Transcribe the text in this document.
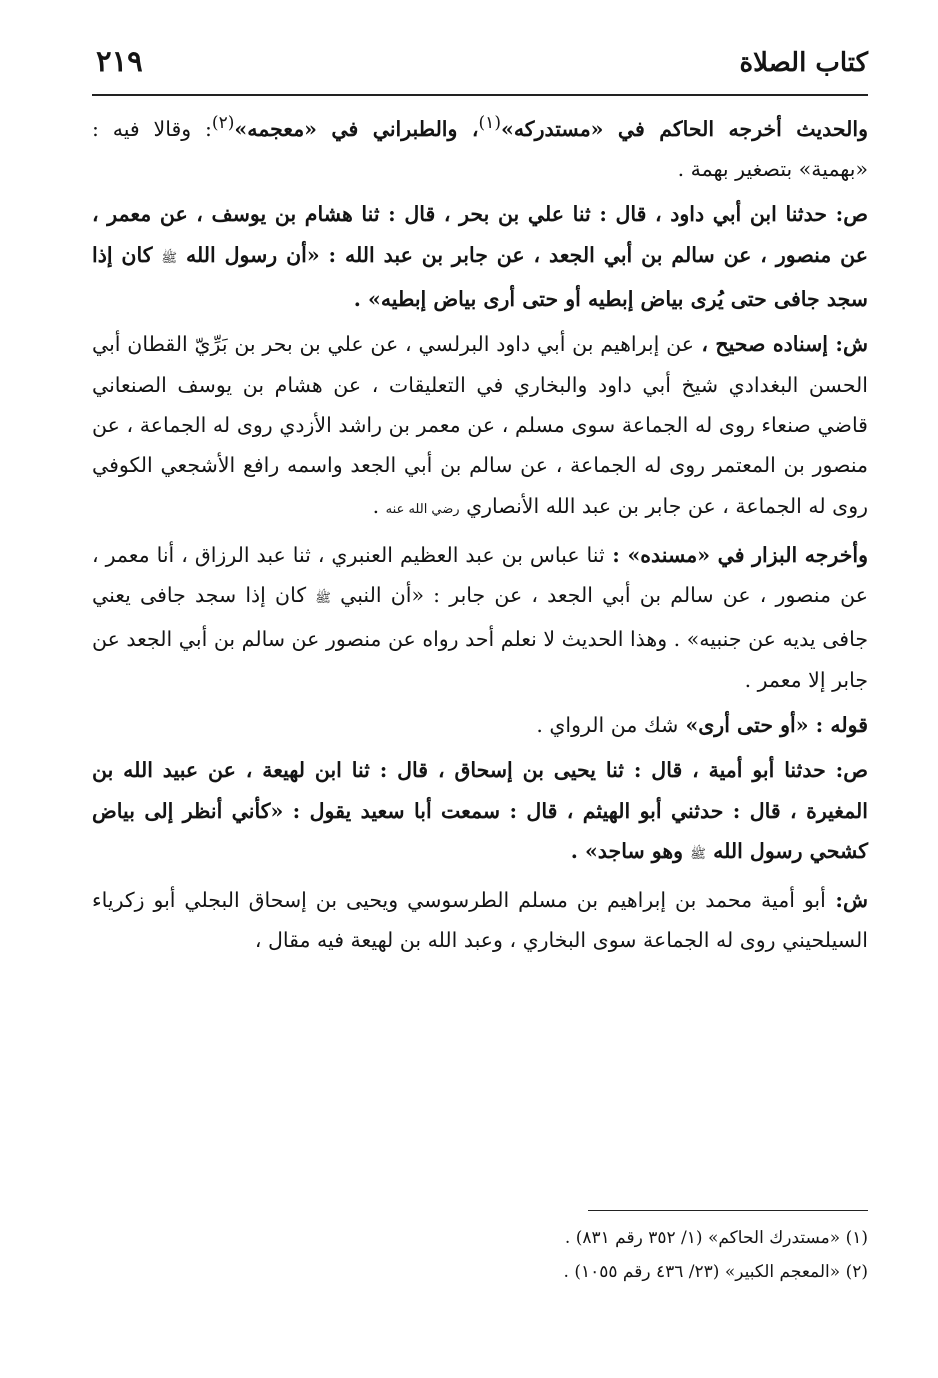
كتاب الصلاة
٢١٩

والحديث أخرجه الحاكم في «مستدركه»$^{(١)}$، والطبراني في «معجمه»$^{(٢)}$: وقالا فيه : «بهمية» بتصغير بهمة .

ص: حدثنا ابن أبي داود ، قال : ثنا علي بن بحر ، قال : ثنا هشام بن يوسف ، عن معمر ، عن منصور ، عن سالم بن أبي الجعد ، عن جابر بن عبد الله : «أن رسول الله ﷺ كان إذا سجد جافى حتى يُرى بياض إبطيه أو حتى أرى بياض إبطيه» .

ش: إسناده صحيح ، عن إبراهيم بن أبي داود البرلسي ، عن علي بن بحر بن بَرِّيّ القطان أبي الحسن البغدادي شيخ أبي داود والبخاري في التعليقات ، عن هشام بن يوسف الصنعاني قاضي صنعاء روى له الجماعة سوى مسلم ، عن معمر بن راشد الأزدي روى له الجماعة ، عن منصور بن المعتمر روى له الجماعة ، عن سالم بن أبي الجعد واسمه رافع الأشجعي الكوفي روى له الجماعة ، عن جابر بن عبد الله الأنصاري رضي الله عنه .

وأخرجه البزار في «مسنده» : ثنا عباس بن عبد العظيم العنبري ، ثنا عبد الرزاق ، أنا معمر ، عن منصور ، عن سالم بن أبي الجعد ، عن جابر : «أن النبي ﷺ كان إذا سجد جافى يعني جافى يديه عن جنبيه» . وهذا الحديث لا نعلم أحد رواه عن منصور عن سالم بن أبي الجعد عن جابر إلا معمر .

قوله : «أو حتى أرى» شك من الرواي .

ص: حدثنا أبو أمية ، قال : ثنا يحيى بن إسحاق ، قال : ثنا ابن لهيعة ، عن عبيد الله بن المغيرة ، قال : حدثني أبو الهيثم ، قال : سمعت أبا سعيد يقول : «كأني أنظر إلى بياض كشحي رسول الله ﷺ وهو ساجد» .

ش: أبو أمية محمد بن إبراهيم بن مسلم الطرسوسي ويحيى بن إسحاق البجلي أبو زكرياء السيلحيني روى له الجماعة سوى البخاري ، وعبد الله بن لهيعة فيه مقال ،

(١) «مستدرك الحاكم» (١/ ٣٥٢ رقم ٨٣١) .

(٢) «المعجم الكبير» (٢٣/ ٤٣٦ رقم ١٠٥٥) .
